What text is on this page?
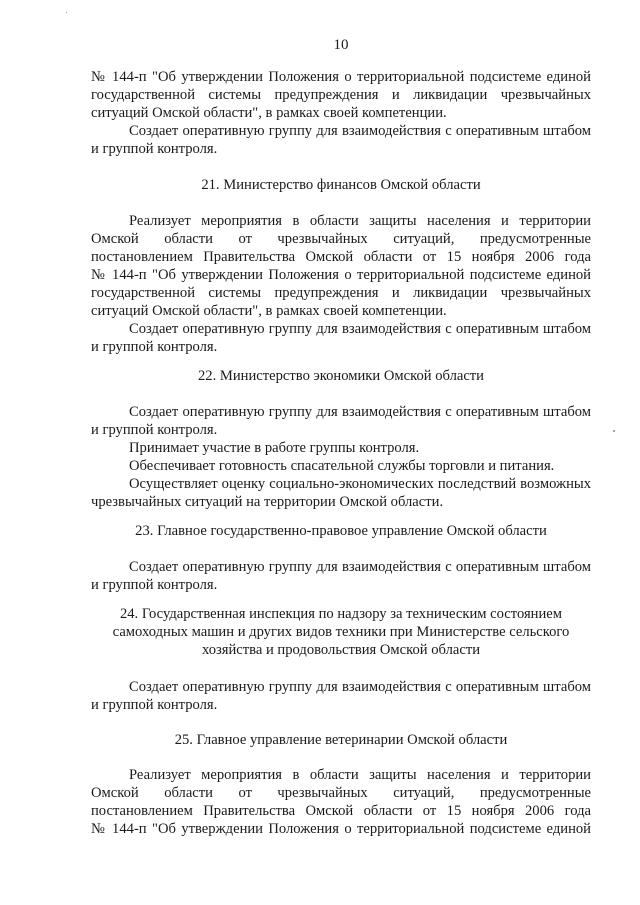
10
№ 144-п "Об утверждении Положения о территориальной подсистеме единой
государственной системы предупреждения и ликвидации чрезвычайных
ситуаций Омской области", в рамках своей компетенции.

Создает оперативную группу для взаимодействия с оперативным штабом и группой контроля.

21. Министерство финансов Омской области

Реализует мероприятия в области защиты населения и территории
Омской области от чрезвычайных ситуаций, предусмотренные
постановлением Правительства Омской области от 15 ноября 2006 года
№ 144-п "Об утверждении Положения о территориальной подсистеме единой
государственной системы предупреждения и ликвидации чрезвычайных
ситуаций Омской области", в рамках своей компетенции.

Создает оперативную группу для взаимодействия с оперативным штабом и группой контроля.

22. Министерство экономики Омской области

Создает оперативную группу для взаимодействия с оперативным штабом и группой контроля.

Принимает участие в работе группы контроля.

Обеспечивает готовность спасательной службы торговли и питания.

Осуществляет оценку социально-экономических последствий возможных чрезвычайных ситуаций на территории Омской области.

23. Главное государственно-правовое управление Омской области

Создает оперативную группу для взаимодействия с оперативным штабом и группой контроля.

24. Государственная инспекция по надзору за техническим состоянием

самоходных машин и других видов техники при Министерстве сельского

хозяйства и продовольствия Омской области

Создает оперативную группу для взаимодействия с оперативным штабом и группой контроля.

25. Главное управление ветеринарии Омской области

Реализует мероприятия в области защиты населения и территории
Омской области от чрезвычайных ситуаций, предусмотренные
постановлением Правительства Омской области от 15 ноября 2006 года
№ 144-п "Об утверждении Положения о территориальной подсистеме единой
